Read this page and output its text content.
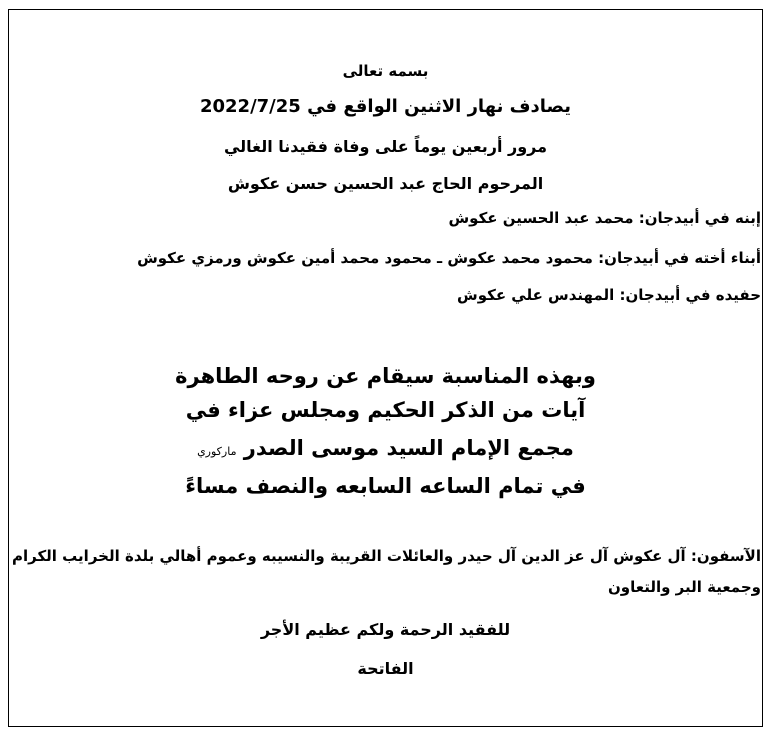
بسمه تعالى
يصادف نهار الاثنين الواقع في 2022/7/25
مرور أربعين يوماً على وفاة فقيدنا الغالي
المرحوم الحاج عبد الحسين حسن عكوش
إبنه في أبيدجان: محمد عبد الحسين عكوش
أبناء أخته في أبيدجان: محمود محمد عكوش ـ محمود محمد أمين عكوش ورمزي عكوش
حفيده في أبيدجان: المهندس علي عكوش
وبهذه المناسبة سيقام عن روحه الطاهرة
آيات من الذكر الحكيم ومجلس عزاء في
مجمع الإمام السيد موسى الصدر ماركوري
في تمام الساعه السابعه والنصف مساءً
الآسفون: آل عكوش آل عز الدين آل حيدر والعائلات القريبة والنسيبه وعموم أهالي بلدة الخرايب الكرام
وجمعية البر والتعاون
للفقيد الرحمة ولكم عظيم الأجر
الفاتحة
